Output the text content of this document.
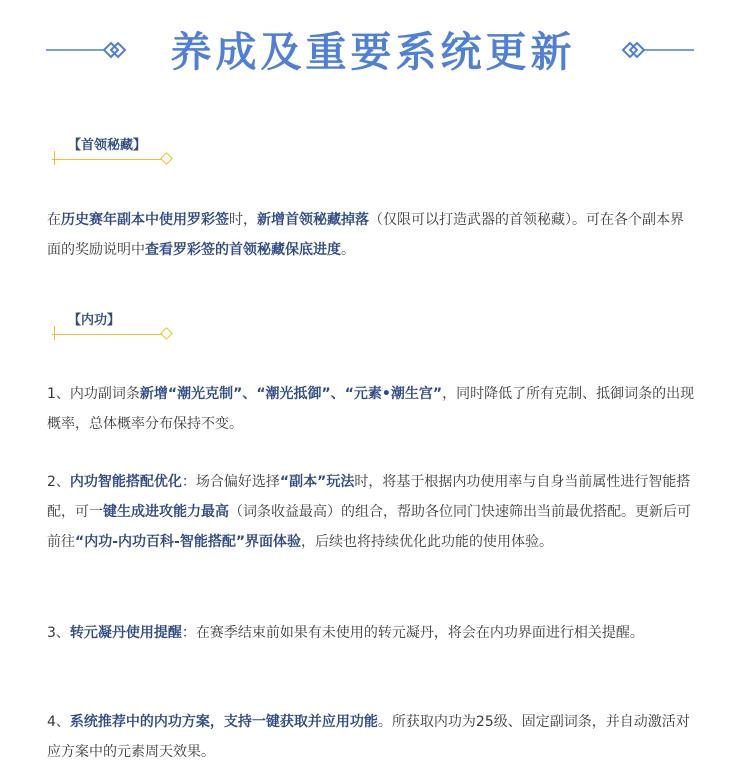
养成及重要系统更新
【首领秘藏】
在历史赛年副本中使用罗彩签时，新增首领秘藏掉落（仅限可以打造武器的首领秘藏）。可在各个副本界面的奖励说明中查看罗彩签的首领秘藏保底进度。
【内功】
1、内功副词条新增“潮光克制”、“潮光抵御”、“元素•潮生宫”，同时降低了所有克制、抵御词条的出现概率，总体概率分布保持不变。
2、内功智能搭配优化：场合偏好选择“副本”玩法时，将基于根据内功使用率与自身当前属性进行智能搭配，可一键生成进攻能力最高（词条收益最高）的组合，帮助各位同门快速筛出当前最优搭配。更新后可前往“内功-内功百科-智能搭配”界面体验，后续也将持续优化此功能的使用体验。
3、转元凝丹使用提醒：在赛季结束前如果有未使用的转元凝丹，将会在内功界面进行相关提醒。
4、系统推荐中的内功方案，支持一键获取并应用功能。所获取内功为25级、固定副词条，并自动激活对应方案中的元素周天效果。
